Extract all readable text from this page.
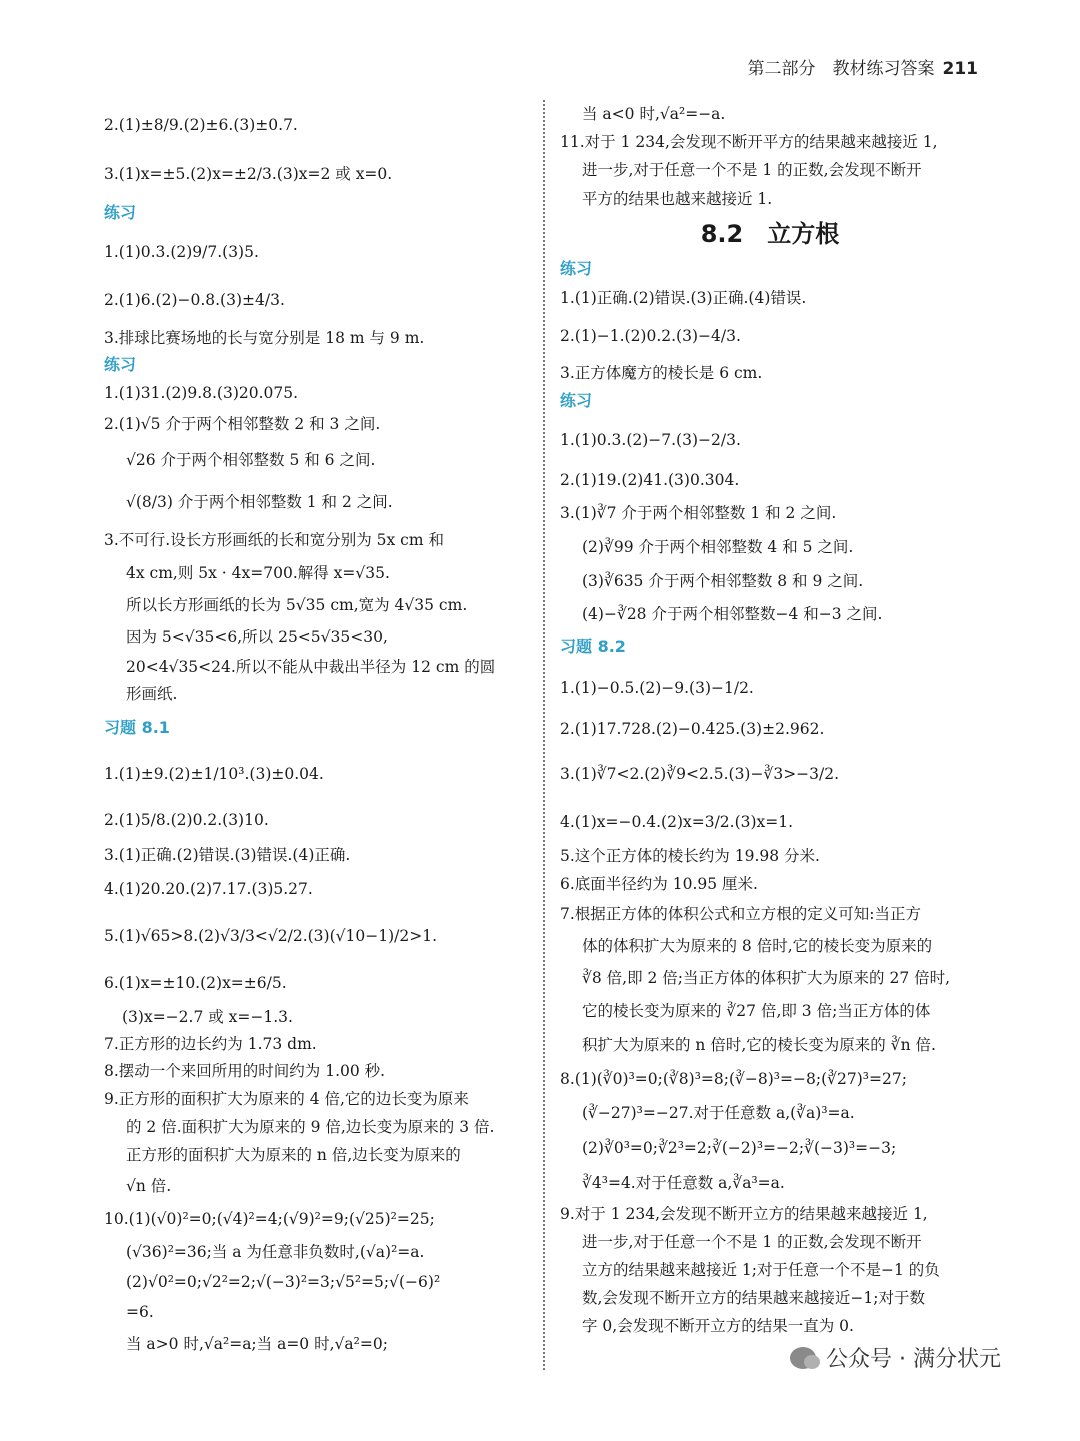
第二部分　教材练习答案 211
2.(1)±8/9.(2)±6.(3)±0.7.
3.(1)x=±5.(2)x=±2/3.(3)x=2 或 x=0.
练习
1.(1)0.3.(2)9/7.(3)5.
2.(1)6.(2)−0.8.(3)±4/3.
3.排球比赛场地的长与宽分别是 18 m 与 9 m.
练习
1.(1)31.(2)9.8.(3)20.075.
2.(1)√5 介于两个相邻整数 2 和 3 之间.
√26 介于两个相邻整数 5 和 6 之间.
√(8/3) 介于两个相邻整数 1 和 2 之间.
3.不可行.设长方形画纸的长和宽分别为 5x cm 和
4x cm,则 5x · 4x=700.解得 x=√35.
所以长方形画纸的长为 5√35 cm,宽为 4√35 cm.
因为 5<√35<6,所以 25<5√35<30,
20<4√35<24.所以不能从中裁出半径为 12 cm 的圆
形画纸.
习题 8.1
1.(1)±9.(2)±1/10³.(3)±0.04.
2.(1)5/8.(2)0.2.(3)10.
3.(1)正确.(2)错误.(3)错误.(4)正确.
4.(1)20.20.(2)7.17.(3)5.27.
5.(1)√65>8.(2)√3/3<√2/2.(3)(√10−1)/2>1.
6.(1)x=±10.(2)x=±6/5.
(3)x=−2.7 或 x=−1.3.
7.正方形的边长约为 1.73 dm.
8.摆动一个来回所用的时间约为 1.00 秒.
9.正方形的面积扩大为原来的 4 倍,它的边长变为原来
的 2 倍.面积扩大为原来的 9 倍,边长变为原来的 3 倍.
正方形的面积扩大为原来的 n 倍,边长变为原来的
√n 倍.
10.(1)(√0)²=0;(√4)²=4;(√9)²=9;(√25)²=25;
(√36)²=36;当 a 为任意非负数时,(√a)²=a.
(2)√0²=0;√2²=2;√(−3)²=3;√5²=5;√(−6)²
=6.
当 a>0 时,√a²=a;当 a=0 时,√a²=0;
当 a<0 时,√a²=−a.
11.对于 1 234,会发现不断开平方的结果越来越接近 1,
进一步,对于任意一个不是 1 的正数,会发现不断开
平方的结果也越来越接近 1.
8.2　立方根
练习
1.(1)正确.(2)错误.(3)正确.(4)错误.
2.(1)−1.(2)0.2.(3)−4/3.
3.正方体魔方的棱长是 6 cm.
练习
1.(1)0.3.(2)−7.(3)−2/3.
2.(1)19.(2)41.(3)0.304.
3.(1)∛7 介于两个相邻整数 1 和 2 之间.
(2)∛99 介于两个相邻整数 4 和 5 之间.
(3)∛635 介于两个相邻整数 8 和 9 之间.
(4)−∛28 介于两个相邻整数−4 和−3 之间.
习题 8.2
1.(1)−0.5.(2)−9.(3)−1/2.
2.(1)17.728.(2)−0.425.(3)±2.962.
3.(1)∛7<2.(2)∛9<2.5.(3)−∛3>−3/2.
4.(1)x=−0.4.(2)x=3/2.(3)x=1.
5.这个正方体的棱长约为 19.98 分米.
6.底面半径约为 10.95 厘米.
7.根据正方体的体积公式和立方根的定义可知:当正方
体的体积扩大为原来的 8 倍时,它的棱长变为原来的
∛8 倍,即 2 倍;当正方体的体积扩大为原来的 27 倍时,
它的棱长变为原来的 ∛27 倍,即 3 倍;当正方体的体
积扩大为原来的 n 倍时,它的棱长变为原来的 ∛n 倍.
8.(1)(∛0)³=0;(∛8)³=8;(∛−8)³=−8;(∛27)³=27;
(∛−27)³=−27.对于任意数 a,(∛a)³=a.
(2)∛0³=0;∛2³=2;∛(−2)³=−2;∛(−3)³=−3;
∛4³=4.对于任意数 a,∛a³=a.
9.对于 1 234,会发现不断开立方的结果越来越接近 1,
进一步,对于任意一个不是 1 的正数,会发现不断开
立方的结果越来越接近 1;对于任意一个不是−1 的负
数,会发现不断开立方的结果越来越接近−1;对于数
字 0,会发现不断开立方的结果一直为 0.
公众号 · 满分状元
